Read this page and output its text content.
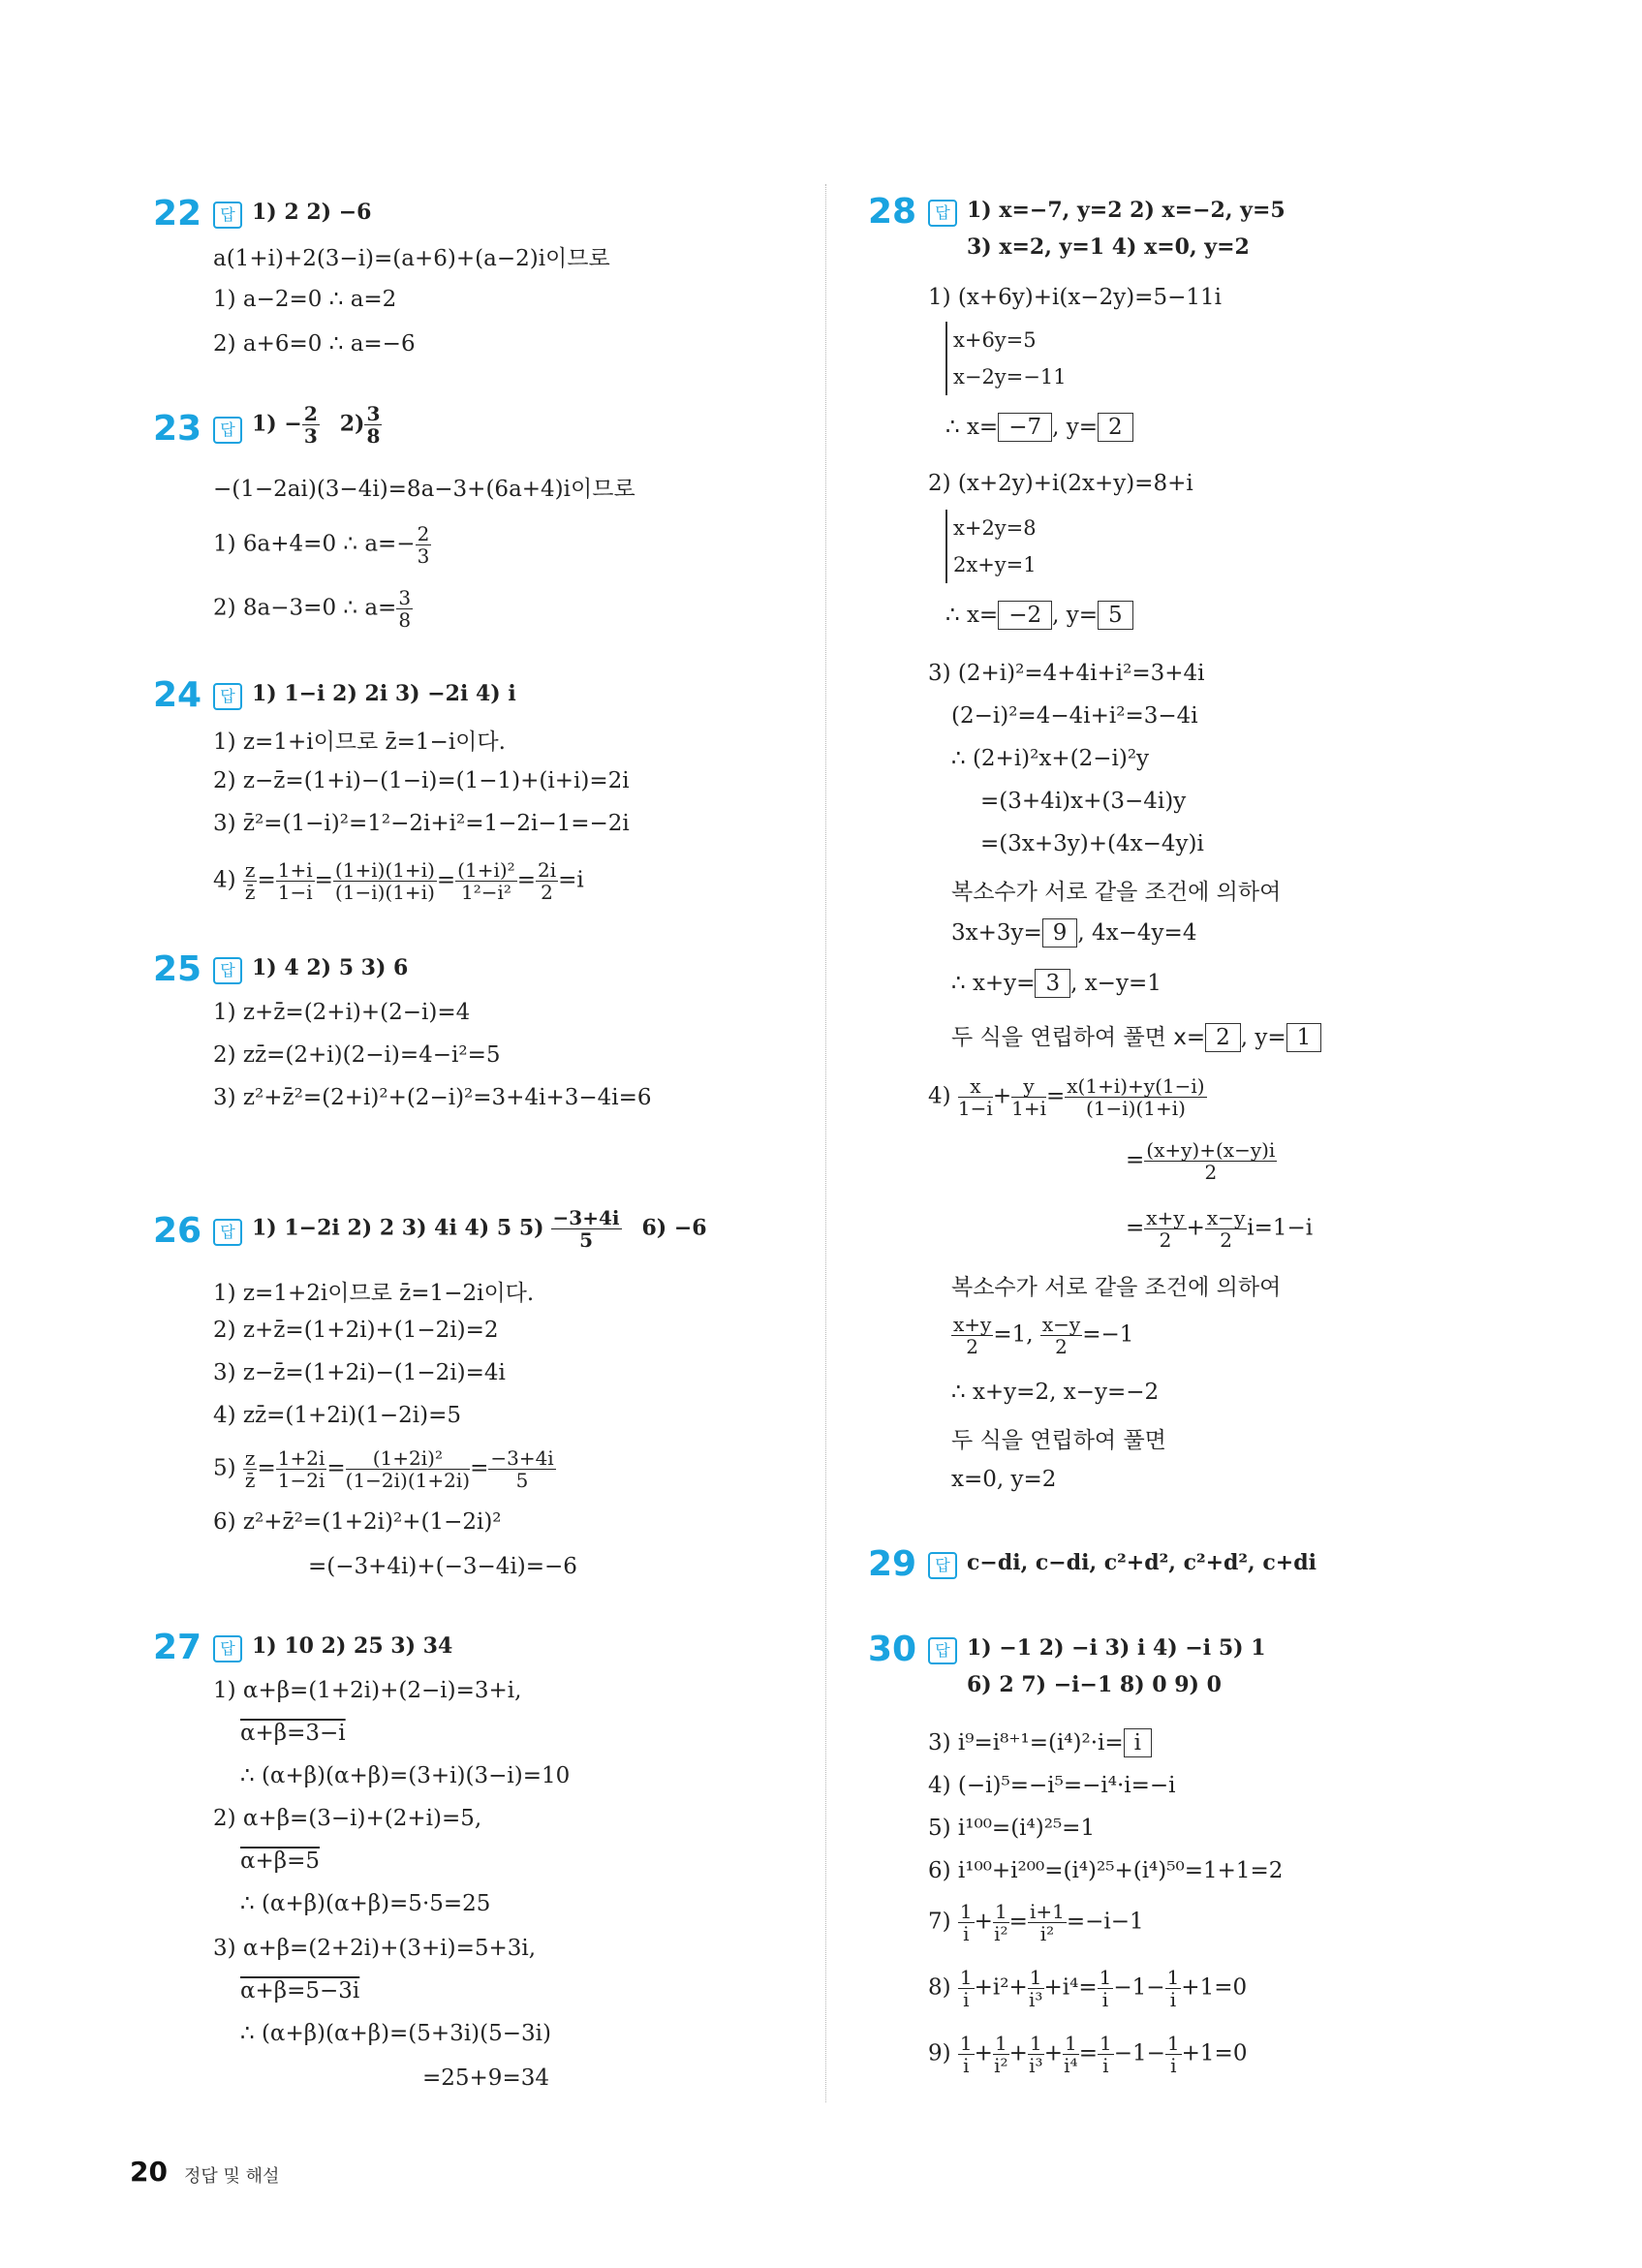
22	답 1) 2 2) −6
a(1+i)+2(3−i)=(a+6)+(a−2)i이므로
1) a−2=0 ∴ a=2
2) a+6=0 ∴ a=−6
23	답 $1) - \frac{2}{3} 2) \frac{3}{8}$
−(1−2ai)(3−4i)=8a−3+(6a+4)i이므로
1) 6a+4=0 ∴ $a=- \frac{2}{3}$
2) 8a−3=0 ∴ $a= \frac{3}{8}$
24	답 1) 1−i 2) 2i 3) −2i 4) i
1) z=1+i이므로 z̄=1−i이다.
2) z−z̄=(1+i)−(1−i)=(1−1)+(i+i)=2i
3) z̄²=(1−i)²=1²−2i+i²=1−2i−1=−2i
$4) \frac{z}{z̄} = \frac{1+i}{1-i} = \frac{(1+i)(1+i)}{(1-i)(1+i)} = \frac{\text{(1+i)²}}{\text{1²−i²}} = \frac{2i}{2} =i$
25	답 1) 4 2) 5 3) 6
1) z+z̄=(2+i)+(2−i)=4
2) zz̄=(2+i)(2−i)=4−i²=5
3) z²+z̄²=(2+i)²+(2−i)²=3+4i+3−4i=6
26	답 1) 1−2i 2) 2 3) 4i 4) 5 $5) \frac{-3+4i}{5} 6) -6$
1) z=1+2i이므로 z̄=1−2i이다.
2) z+z̄=(1+2i)+(1−2i)=2
3) z−z̄=(1+2i)−(1−2i)=4i
4) zz̄=(1+2i)(1−2i)=5
$5) \frac{z}{z̄} = \frac{1+2i}{1-2i} = \frac{\text{(1+2i)²}}{(1-2i)(1+2i)} = \frac{-3+4i}{5}$
6) z²+z̄²=(1+2i)²+(1−2i)²
=(−3+4i)+(−3−4i)=−6
27	답 1) 10 2) 25 3) 34
1) α+β=(1+2i)+(2−i)=3+i,
α+β=3−i
∴ (α+β)(α+β)=(3+i)(3−i)=10
2) α+β=(3−i)+(2+i)=5,
α+β=5
∴ (α+β)(α+β)=5·5=25
3) α+β=(2+2i)+(3+i)=5+3i,
α+β=5−3i
∴ (α+β)(α+β)=(5+3i)(5−3i)
=25+9=34
20 정답 및 해설
28	답 1) x=−7, y=2 2) x=−2, y=5
3) x=2, y=1 4) x=0, y=2
1) (x+6y)+i(x−2y)=5−11i
x+6y=5
x−2y=−11
∴ x= −7 , y= 2
2) (x+2y)+i(2x+y)=8+i
x+2y=8
2x+y=1
∴ x= −2 , y= 5
3) (2+i)²=4+4i+i²=3+4i
(2−i)²=4−4i+i²=3−4i
∴ (2+i)²x+(2−i)²y
=(3+4i)x+(3−4i)y
=(3x+3y)+(4x−4y)i
복소수가 서로 같을 조건에 의하여
3x+3y= 9 , 4x−4y=4
∴ x+y= 3 , x−y=1
두 식을 연립하여 풀면 x= 2 , y= 1
$4) \frac{x}{1-i} + \frac{y}{1+i} = \frac{x(1+i)+y(1-i)}{(1-i)(1+i)}$
= $\frac{(x+y)+(x-y)i}{2}$
= $\frac{x+y}{2} + \frac{x-y}{2} i=1-i$
복소수가 서로 같을 조건에 의하여
$\frac{x+y}{2} =1$, $\frac{x-y}{2} =-1$
∴ x+y=2, x−y=−2
두 식을 연립하여 풀면
x=0, y=2
29	답 c−di, c−di, c²+d², c²+d², c+di
30	답 1) −1 2) −i 3) i 4) −i 5) 1
6) 2 7) −i−1 8) 0 9) 0
3) i⁹=i⁸⁺¹=(i⁴)²·i= i
4) (−i)⁵=−i⁵=−i⁴·i=−i
5) i¹⁰⁰=(i⁴)²⁵=1
6) i¹⁰⁰+i²⁰⁰=(i⁴)²⁵+(i⁴)⁵⁰=1+1=2
$7) \frac{1}{i} + \frac{1}{\text{i²}} = \frac{i+1}{\text{i²}} =-i-1$
$8) \frac{1}{i} +i^2+ \frac{1}{\text{i³}} +i^4= \frac{1}{i} -1- \frac{1}{i} +1=0$
$9) \frac{1}{i} + \frac{1}{\text{i²}} + \frac{1}{\text{i³}} + \frac{1}{\text{i⁴}} = \frac{1}{i} -1- \frac{1}{i} +1=0$
